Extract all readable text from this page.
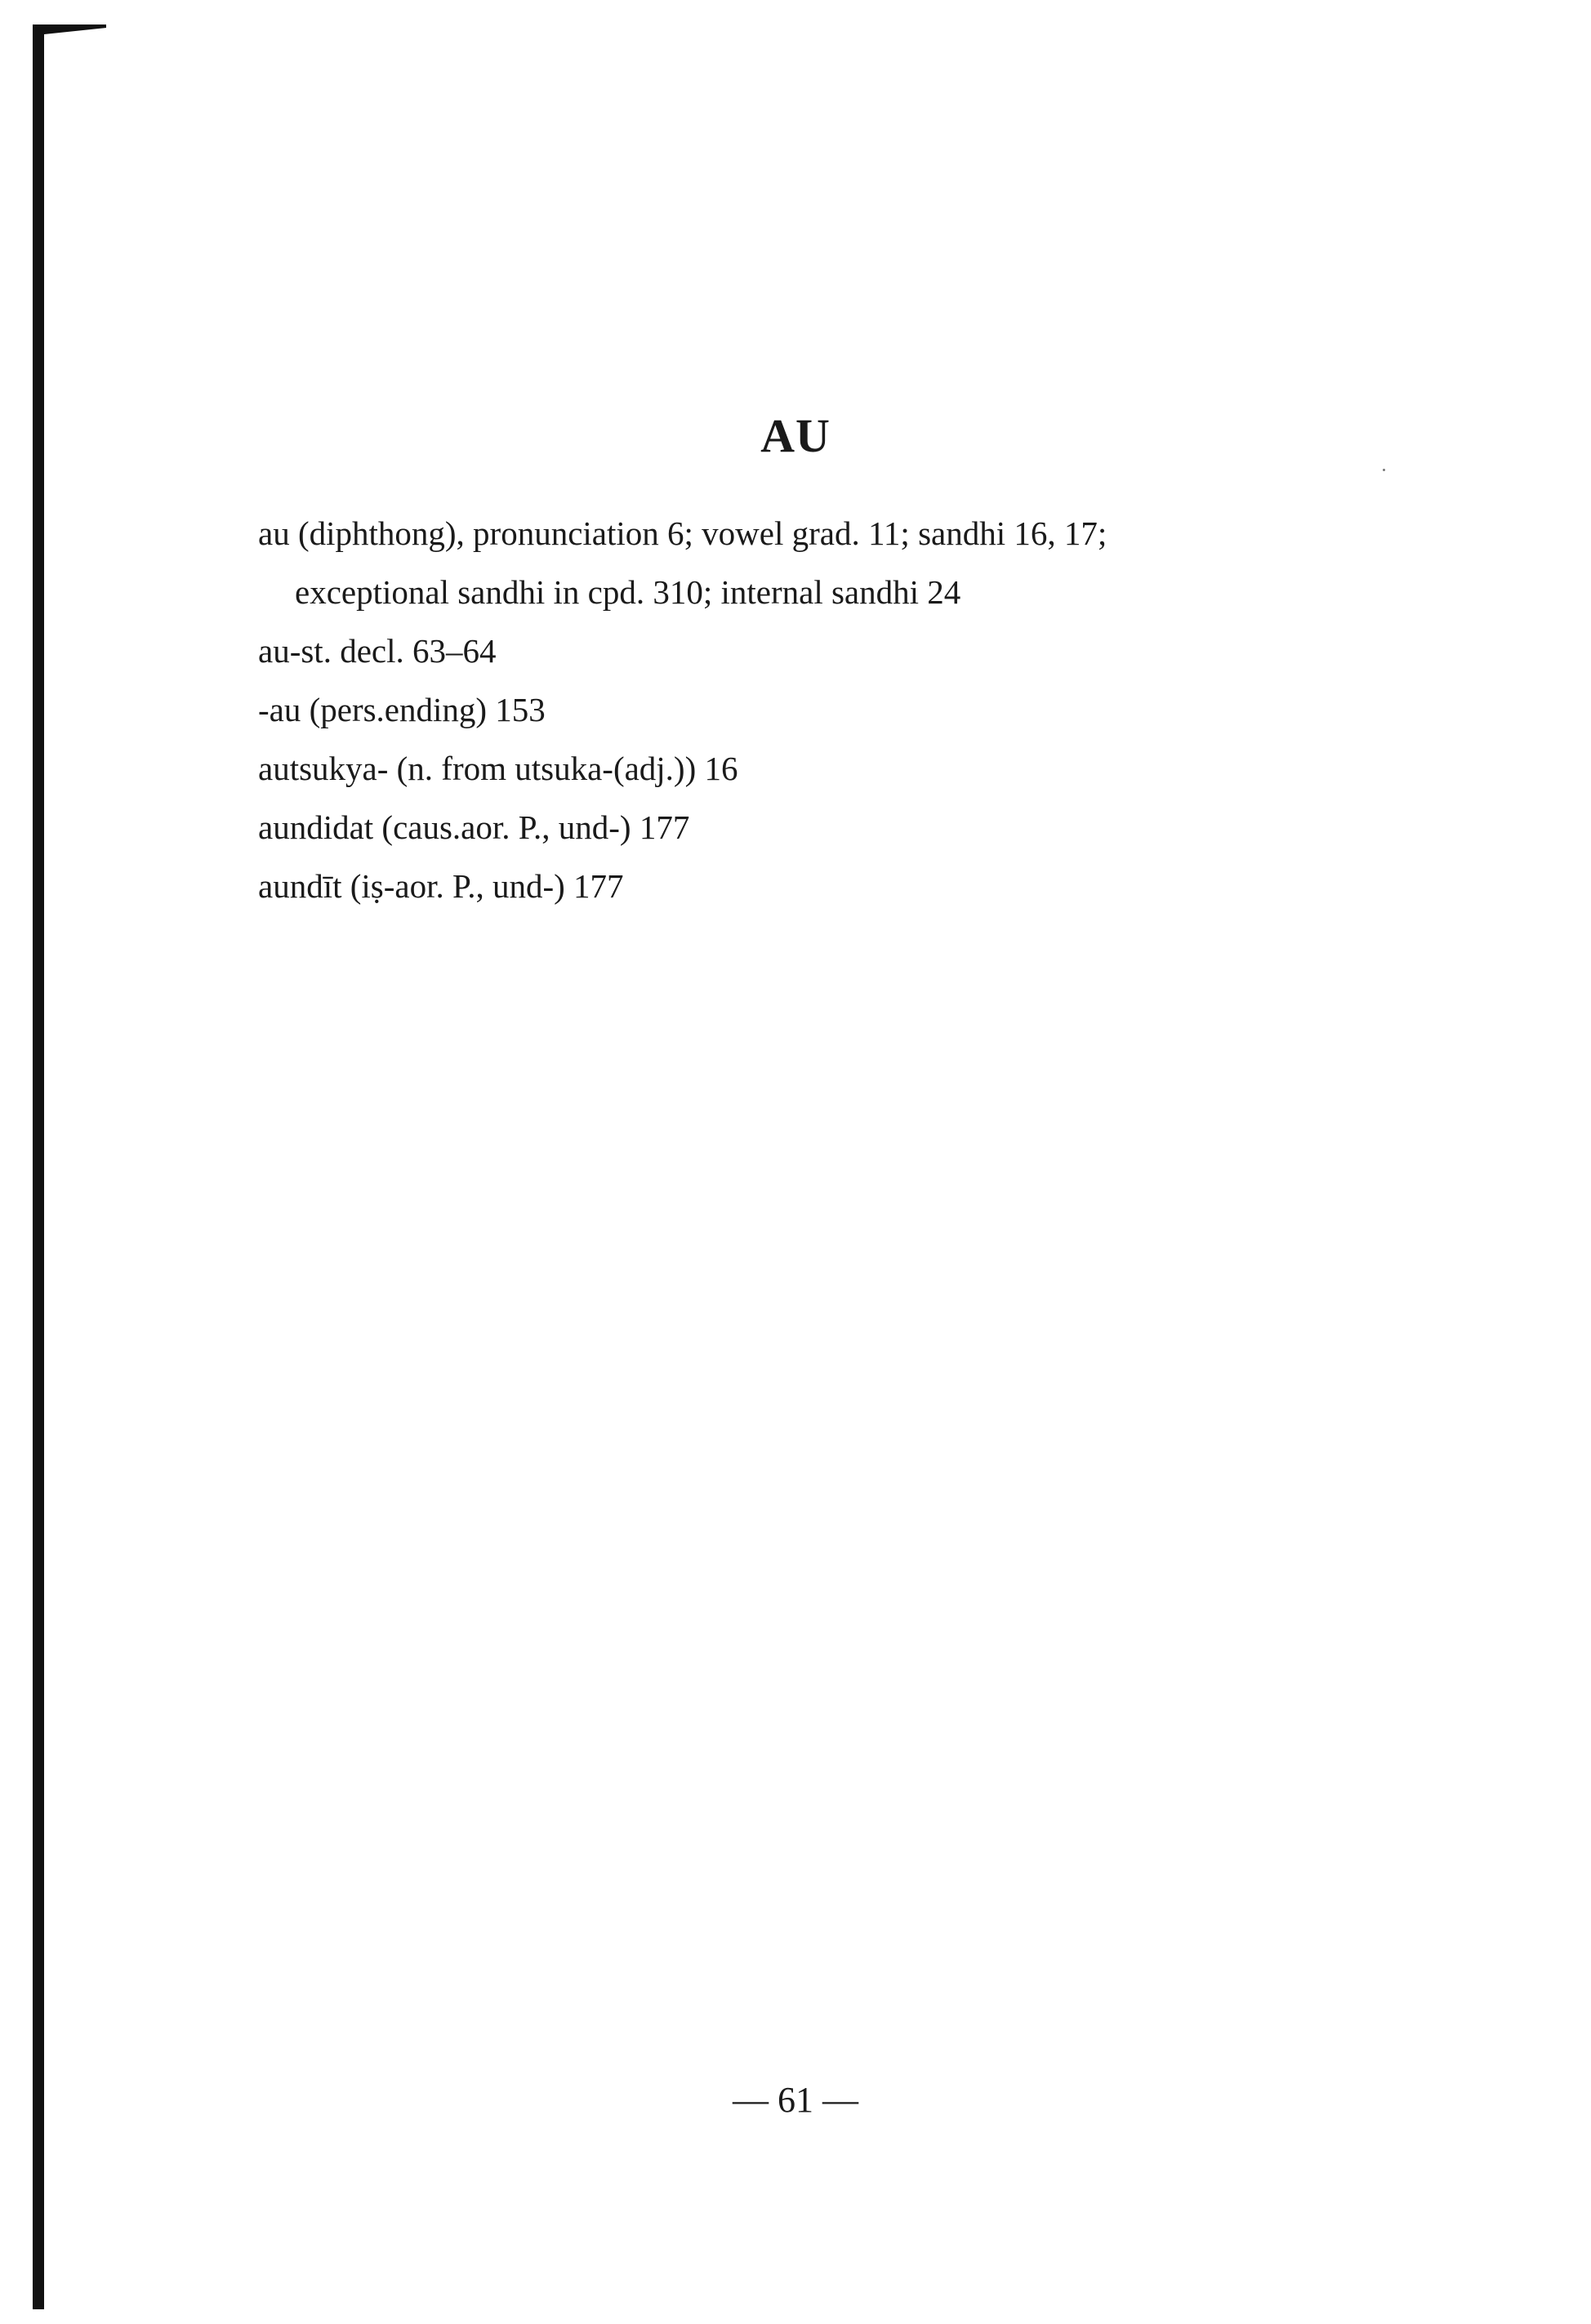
AU
au (diphthong), pronunciation 6; vowel grad. 11; sandhi 16, 17;
exceptional sandhi in cpd. 310; internal sandhi 24
au-st. decl. 63–64
-au (pers.ending) 153
autsukya- (n. from utsuka-(adj.)) 16
aundidat (caus.aor. P., und-) 177
aundīt (iṣ-aor. P., und-) 177
— 61 —
